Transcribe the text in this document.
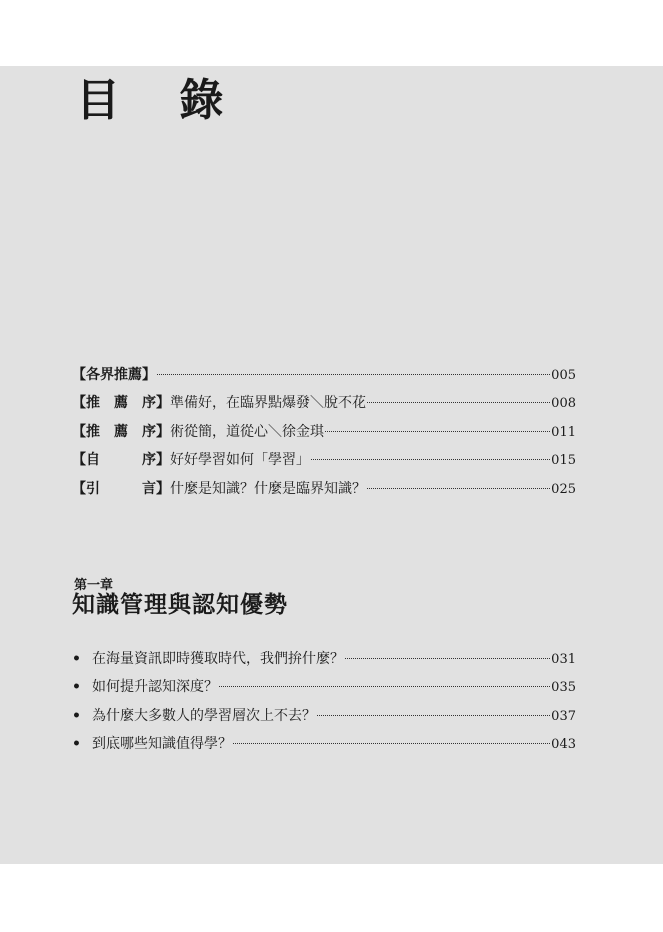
目 錄
【各界推薦】	005
【推　薦　序】 準備好，在臨界點爆發＼脫不花	008
【推　薦　序】 術從簡，道從心＼徐金琪	011
【自　　　序】 好好學習如何「學習」	015
【引　　　言】 什麼是知識？什麼是臨界知識？	025
第一章
知識管理與認知優勢
• 在海量資訊即時獲取時代，我們拚什麼？	031
• 如何提升認知深度？	035
• 為什麼大多數人的學習層次上不去？	037
• 到底哪些知識值得學？	043
